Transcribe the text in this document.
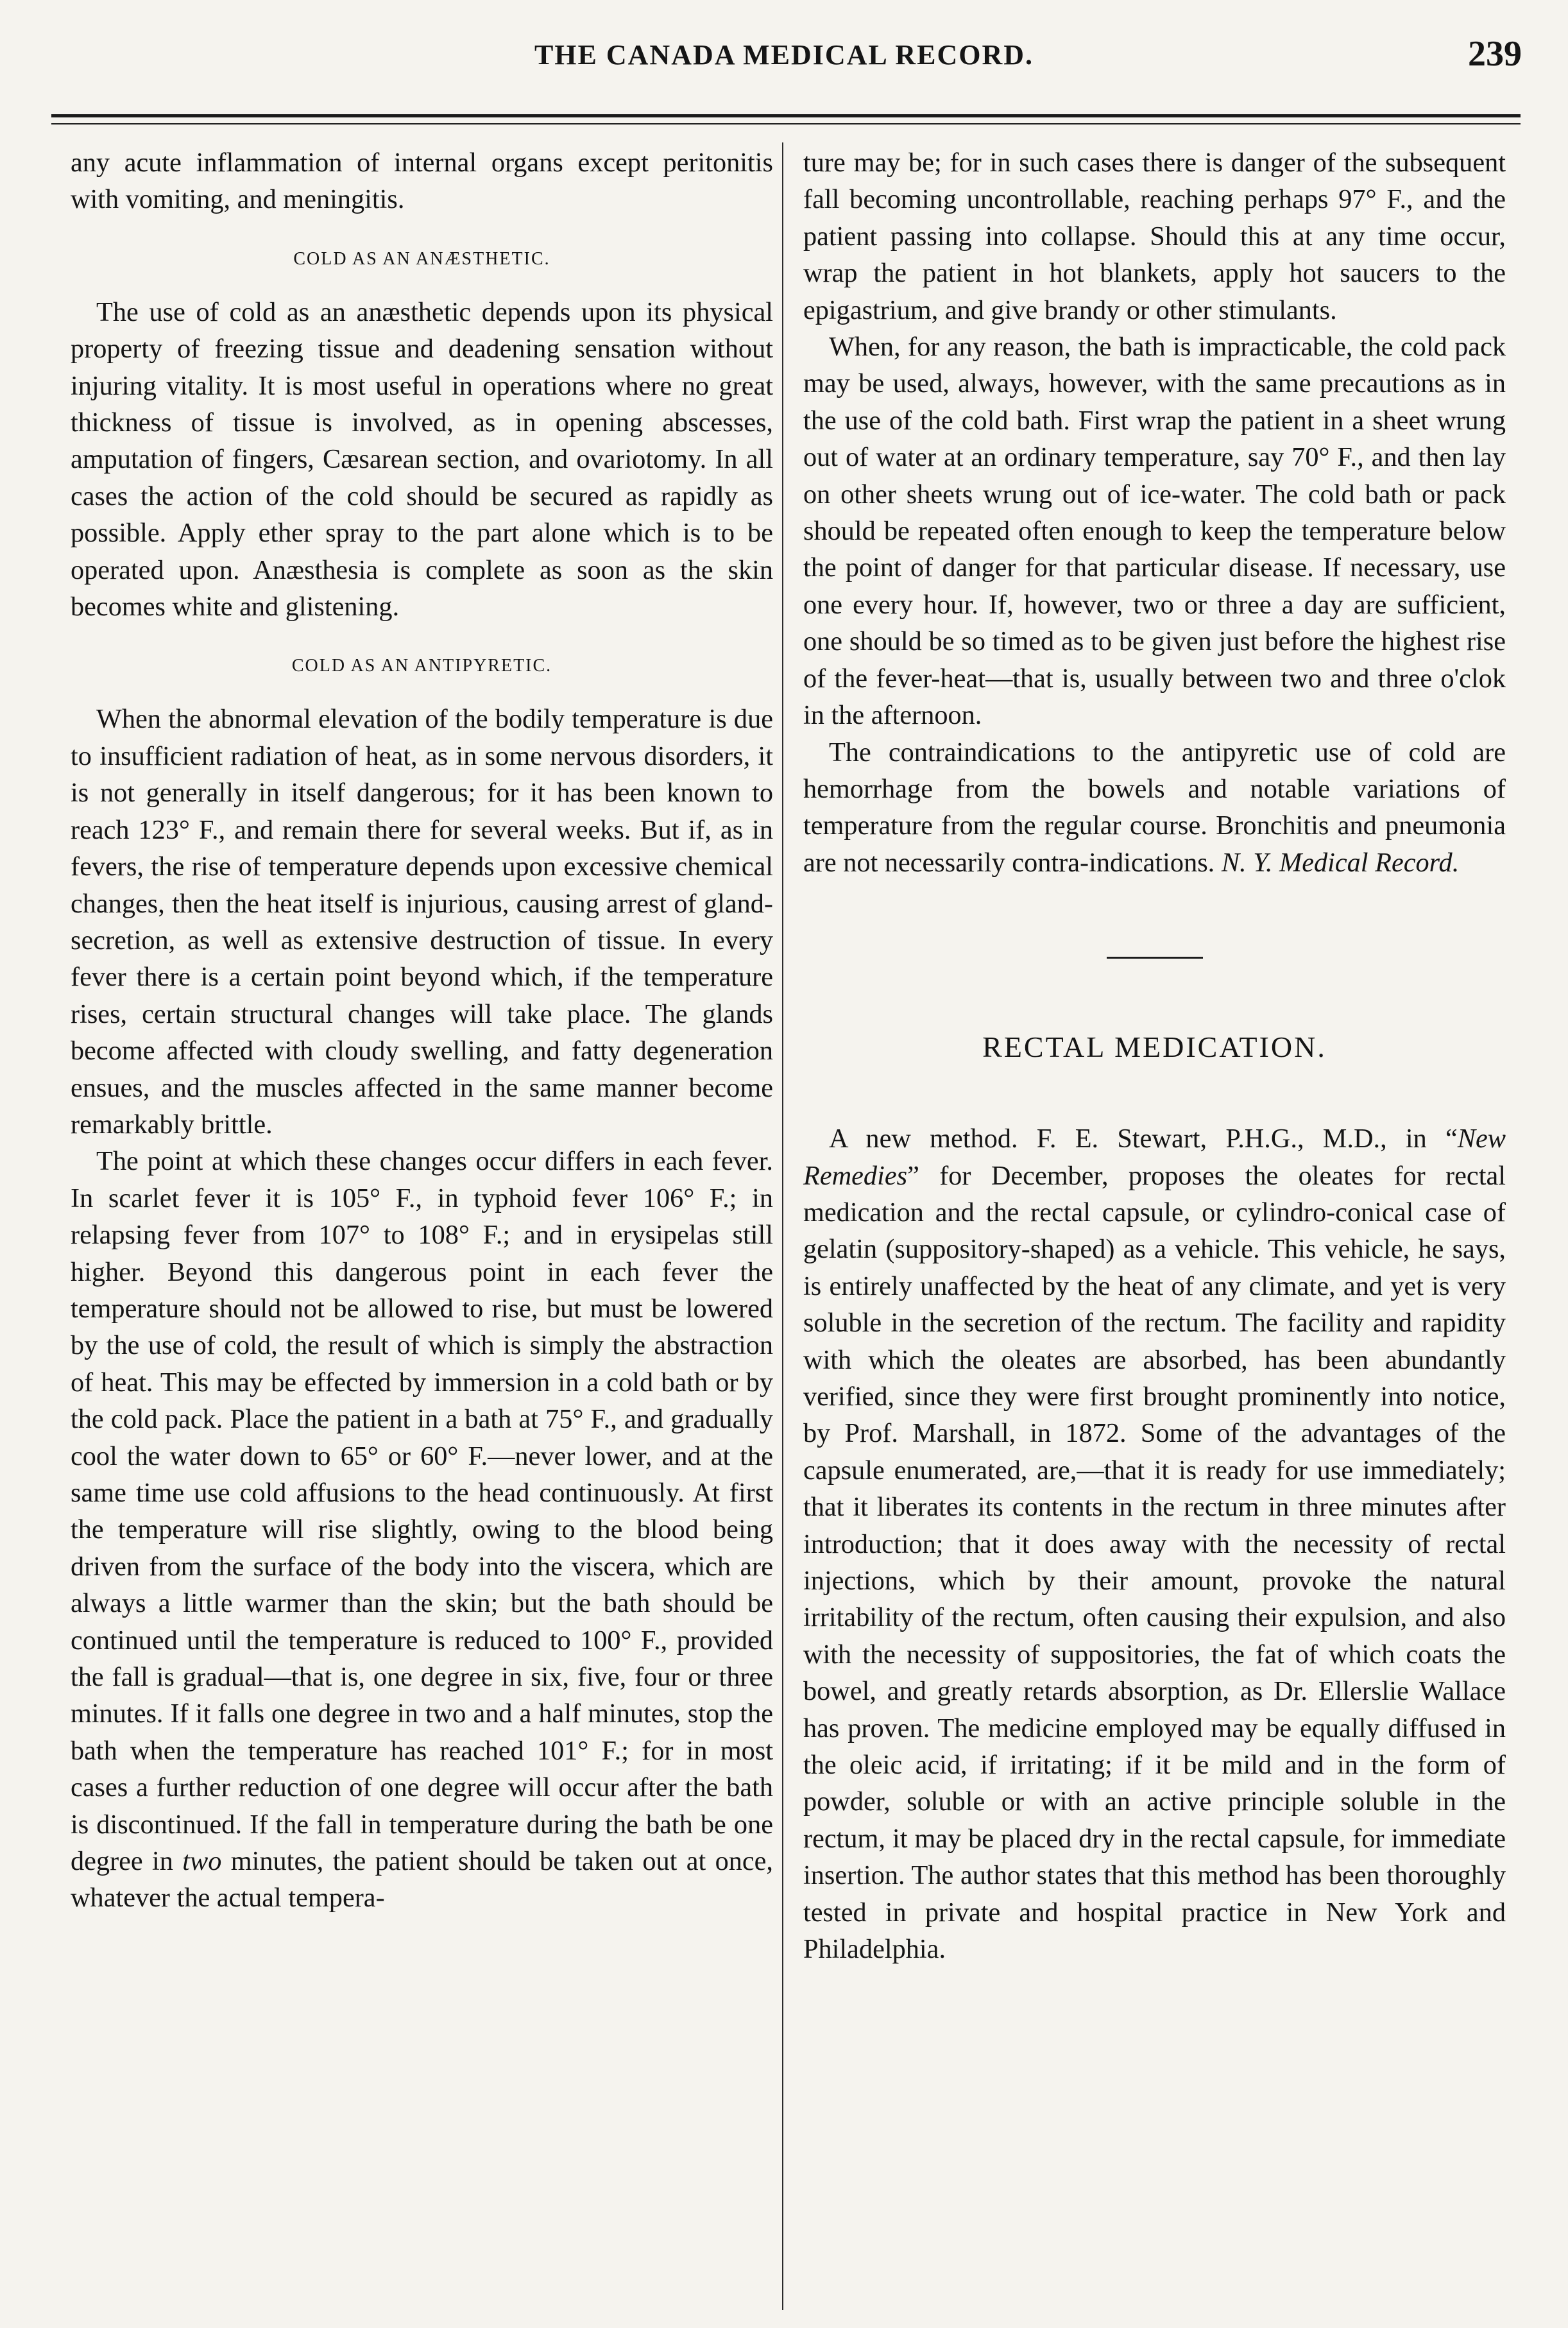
THE CANADA MEDICAL RECORD.	239

any acute inflammation of internal organs except peritonitis with vomiting, and meningitis.

COLD AS AN ANÆSTHETIC.

The use of cold as an anæsthetic depends upon its physical property of freezing tissue and deadening sensation without injuring vitality. It is most useful in operations where no great thickness of tissue is involved, as in opening abscesses, amputation of fingers, Cæsarean section, and ovariotomy. In all cases the action of the cold should be secured as rapidly as possible. Apply ether spray to the part alone which is to be operated upon. Anæsthesia is complete as soon as the skin becomes white and glistening.

COLD AS AN ANTIPYRETIC.

When the abnormal elevation of the bodily temperature is due to insufficient radiation of heat, as in some nervous disorders, it is not generally in itself dangerous; for it has been known to reach 123° F., and remain there for several weeks. But if, as in fevers, the rise of temperature depends upon excessive chemical changes, then the heat itself is injurious, causing arrest of gland-secretion, as well as extensive destruction of tissue. In every fever there is a certain point beyond which, if the temperature rises, certain structural changes will take place. The glands become affected with cloudy swelling, and fatty degeneration ensues, and the muscles affected in the same manner become remarkably brittle.

The point at which these changes occur differs in each fever. In scarlet fever it is 105° F., in typhoid fever 106° F.; in relapsing fever from 107° to 108° F.; and in erysipelas still higher. Beyond this dangerous point in each fever the temperature should not be allowed to rise, but must be lowered by the use of cold, the result of which is simply the abstraction of heat. This may be effected by immersion in a cold bath or by the cold pack. Place the patient in a bath at 75° F., and gradually cool the water down to 65° or 60° F.—never lower, and at the same time use cold affusions to the head continuously. At first the temperature will rise slightly, owing to the blood being driven from the surface of the body into the viscera, which are always a little warmer than the skin; but the bath should be continued until the temperature is reduced to 100° F., provided the fall is gradual—that is, one degree in six, five, four or three minutes. If it falls one degree in two and a half minutes, stop the bath when the temperature has reached 101° F.; for in most cases a further reduction of one degree will occur after the bath is discontinued. If the fall in temperature during the bath be one degree in two minutes, the patient should be taken out at once, whatever the actual tempera-

ture may be; for in such cases there is danger of the subsequent fall becoming uncontrollable, reaching perhaps 97° F., and the patient passing into collapse. Should this at any time occur, wrap the patient in hot blankets, apply hot saucers to the epigastrium, and give brandy or other stimulants.

When, for any reason, the bath is impracticable, the cold pack may be used, always, however, with the same precautions as in the use of the cold bath. First wrap the patient in a sheet wrung out of water at an ordinary temperature, say 70° F., and then lay on other sheets wrung out of ice-water. The cold bath or pack should be repeated often enough to keep the temperature below the point of danger for that particular disease. If necessary, use one every hour. If, however, two or three a day are sufficient, one should be so timed as to be given just before the highest rise of the fever-heat—that is, usually between two and three o'clok in the afternoon.

The contraindications to the antipyretic use of cold are hemorrhage from the bowels and notable variations of temperature from the regular course. Bronchitis and pneumonia are not necessarily contra-indications. N. Y. Medical Record.

RECTAL MEDICATION.

A new method. F. E. Stewart, P.H.G., M.D., in “New Remedies” for December, proposes the oleates for rectal medication and the rectal capsule, or cylindro-conical case of gelatin (suppository-shaped) as a vehicle. This vehicle, he says, is entirely unaffected by the heat of any climate, and yet is very soluble in the secretion of the rectum. The facility and rapidity with which the oleates are absorbed, has been abundantly verified, since they were first brought prominently into notice, by Prof. Marshall, in 1872. Some of the advantages of the capsule enumerated, are,—that it is ready for use immediately; that it liberates its contents in the rectum in three minutes after introduction; that it does away with the necessity of rectal injections, which by their amount, provoke the natural irritability of the rectum, often causing their expulsion, and also with the necessity of suppositories, the fat of which coats the bowel, and greatly retards absorption, as Dr. Ellerslie Wallace has proven. The medicine employed may be equally diffused in the oleic acid, if irritating; if it be mild and in the form of powder, soluble or with an active principle soluble in the rectum, it may be placed dry in the rectal capsule, for immediate insertion. The author states that this method has been thoroughly tested in private and hospital practice in New York and Philadelphia.
